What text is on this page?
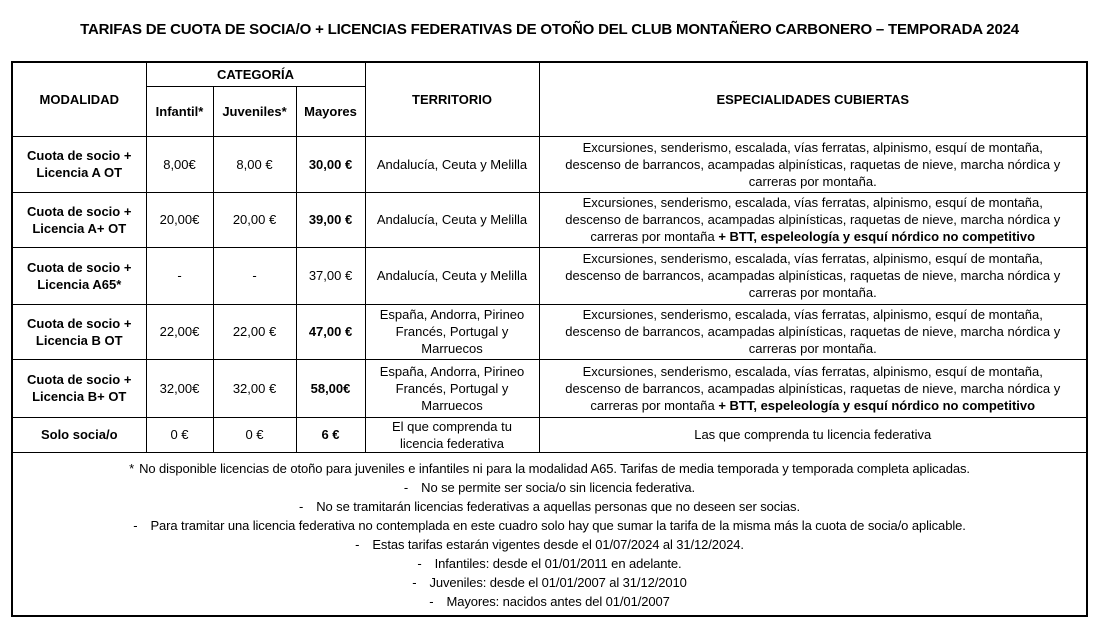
TARIFAS DE CUOTA DE SOCIA/O + LICENCIAS FEDERATIVAS DE OTOÑO DEL CLUB MONTAÑERO CARBONERO – TEMPORADA 2024
MODALIDAD	CATEGORÍA			TERRITORIO	ESPECIALIDADES CUBIERTAS
	Infantil*	Juveniles*	Mayores		
Cuota de socio + Licencia A OT	8,00€	8,00 €	30,00 €	Andalucía, Ceuta y Melilla	Excursiones, senderismo, escalada, vías ferratas, alpinismo, esquí de montaña, descenso de barrancos, acampadas alpinísticas, raquetas de nieve, marcha nórdica y carreras por montaña.
Cuota de socio + Licencia A+ OT	20,00€	20,00 €	39,00 €	Andalucía, Ceuta y Melilla	Excursiones, senderismo, escalada, vías ferratas, alpinismo, esquí de montaña, descenso de barrancos, acampadas alpinísticas, raquetas de nieve, marcha nórdica y carreras por montaña + BTT, espeleología y esquí nórdico no competitivo
Cuota de socio + Licencia A65*	-	-	37,00 €	Andalucía, Ceuta y Melilla	Excursiones, senderismo, escalada, vías ferratas, alpinismo, esquí de montaña, descenso de barrancos, acampadas alpinísticas, raquetas de nieve, marcha nórdica y carreras por montaña.
Cuota de socio + Licencia B OT	22,00€	22,00 €	47,00 €	España, Andorra, Pirineo Francés, Portugal y Marruecos	Excursiones, senderismo, escalada, vías ferratas, alpinismo, esquí de montaña, descenso de barrancos, acampadas alpinísticas, raquetas de nieve, marcha nórdica y carreras por montaña.
Cuota de socio + Licencia B+ OT	32,00€	32,00 €	58,00€	España, Andorra, Pirineo Francés, Portugal y Marruecos	Excursiones, senderismo, escalada, vías ferratas, alpinismo, esquí de montaña, descenso de barrancos, acampadas alpinísticas, raquetas de nieve, marcha nórdica y carreras por montaña + BTT, espeleología y esquí nórdico no competitivo
Solo socia/o	0 €	0 €	6 €	El que comprenda tu licencia federativa	Las que comprenda tu licencia federativa

* No disponible licencias de otoño para juveniles e infantiles ni para la modalidad A65. Tarifas de media temporada y temporada completa aplicadas.
- No se permite ser socia/o sin licencia federativa.
- No se tramitarán licencias federativas a aquellas personas que no deseen ser socias.
- Para tramitar una licencia federativa no contemplada en este cuadro solo hay que sumar la tarifa de la misma más la cuota de socia/o aplicable.
- Estas tarifas estarán vigentes desde el 01/07/2024 al 31/12/2024.
- Infantiles: desde el 01/01/2011 en adelante.
- Juveniles: desde el 01/01/2007 al 31/12/2010
- Mayores: nacidos antes del 01/01/2007
